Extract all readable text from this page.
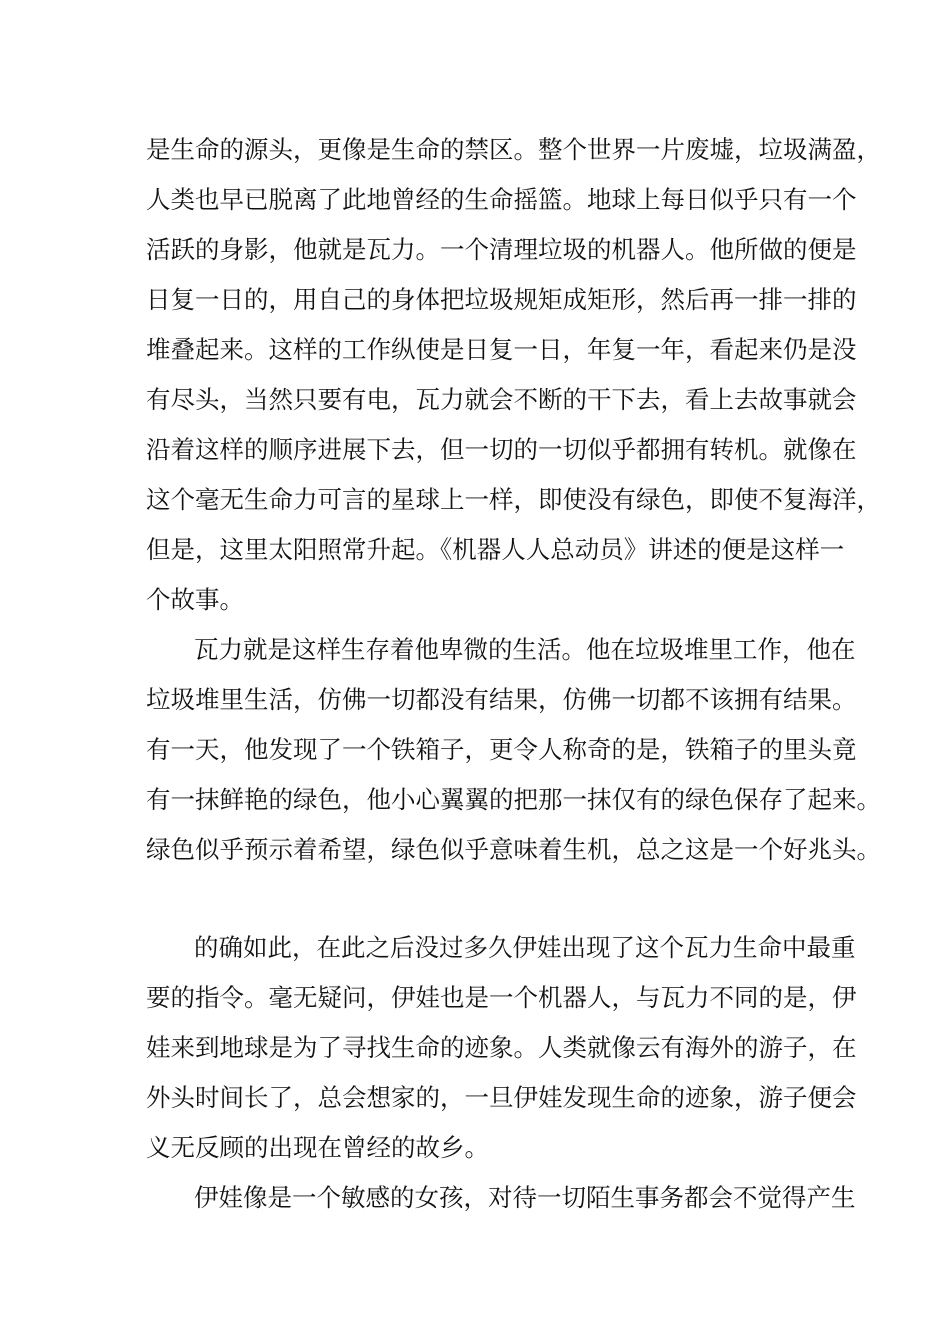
是生命的源头，更像是生命的禁区。整个世界一片废墟，垃圾满盈，
人类也早已脱离了此地曾经的生命摇篮。地球上每日似乎只有一个
活跃的身影，他就是瓦力。一个清理垃圾的机器人。他所做的便是
日复一日的，用自己的身体把垃圾规矩成矩形，然后再一排一排的
堆叠起来。这样的工作纵使是日复一日，年复一年，看起来仍是没
有尽头，当然只要有电，瓦力就会不断的干下去，看上去故事就会
沿着这样的顺序进展下去，但一切的一切似乎都拥有转机。就像在
这个毫无生命力可言的星球上一样，即使没有绿色，即使不复海洋，
但是，这里太阳照常升起。《机器人人总动员》讲述的便是这样一
个故事。
瓦力就是这样生存着他卑微的生活。他在垃圾堆里工作，他在
垃圾堆里生活，仿佛一切都没有结果，仿佛一切都不该拥有结果。
有一天，他发现了一个铁箱子，更令人称奇的是，铁箱子的里头竟
有一抹鲜艳的绿色，他小心翼翼的把那一抹仅有的绿色保存了起来。
绿色似乎预示着希望，绿色似乎意味着生机，总之这是一个好兆头。
的确如此，在此之后没过多久伊娃出现了这个瓦力生命中最重
要的指令。毫无疑问，伊娃也是一个机器人，与瓦力不同的是，伊
娃来到地球是为了寻找生命的迹象。人类就像云有海外的游子，在
外头时间长了，总会想家的，一旦伊娃发现生命的迹象，游子便会
义无反顾的出现在曾经的故乡。
伊娃像是一个敏感的女孩，对待一切陌生事务都会不觉得产生
